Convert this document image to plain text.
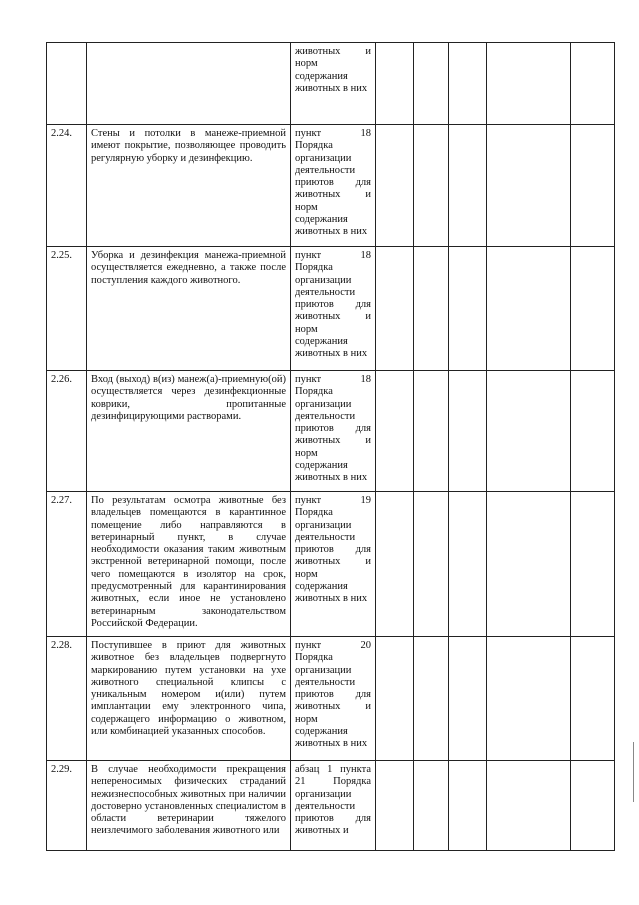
		животных и норм содержания животных в них					
2.24.	Стены и потолки в манеже-приемной имеют покрытие, позволяющее проводить регулярную уборку и дезинфекцию.	пункт 18 Порядка организации деятельности приютов для животных и норм содержания животных в них					
2.25.	Уборка и дезинфекция манежа-приемной осуществляется ежедневно, а также после поступления каждого животного.	пункт 18 Порядка организации деятельности приютов для животных и норм содержания животных в них					
2.26.	Вход (выход) в(из) манеж(а)-приемную(ой) осуществляется через дезинфекционные коврики, пропитанные дезинфицирующими растворами.	пункт 18 Порядка организации деятельности приютов для животных и норм содержания животных в них					
2.27.	По результатам осмотра животные без владельцев помещаются в карантинное помещение либо направляются в ветеринарный пункт, в случае необходимости оказания таким животным экстренной ветеринарной помощи, после чего помещаются в изолятор на срок, предусмотренный для карантинирования животных, если иное не установлено ветеринарным законодательством Российской Федерации.	пункт 19 Порядка организации деятельности приютов для животных и норм содержания животных в них					
2.28.	Поступившее в приют для животных животное без владельцев подвергнуто маркированию путем установки на ухе животного специальной клипсы с уникальным номером и(или) путем имплантации ему электронного чипа, содержащего информацию о животном, или комбинацией указанных способов.	пункт 20 Порядка организации деятельности приютов для животных и норм содержания животных в них					
2.29.	В случае необходимости прекращения непереносимых физических страданий нежизнеспособных животных при наличии достоверно установленных специалистом в области ветеринарии тяжелого неизлечимого заболевания животного или	абзац 1 пункта 21 Порядка организации деятельности приютов для животных и					
